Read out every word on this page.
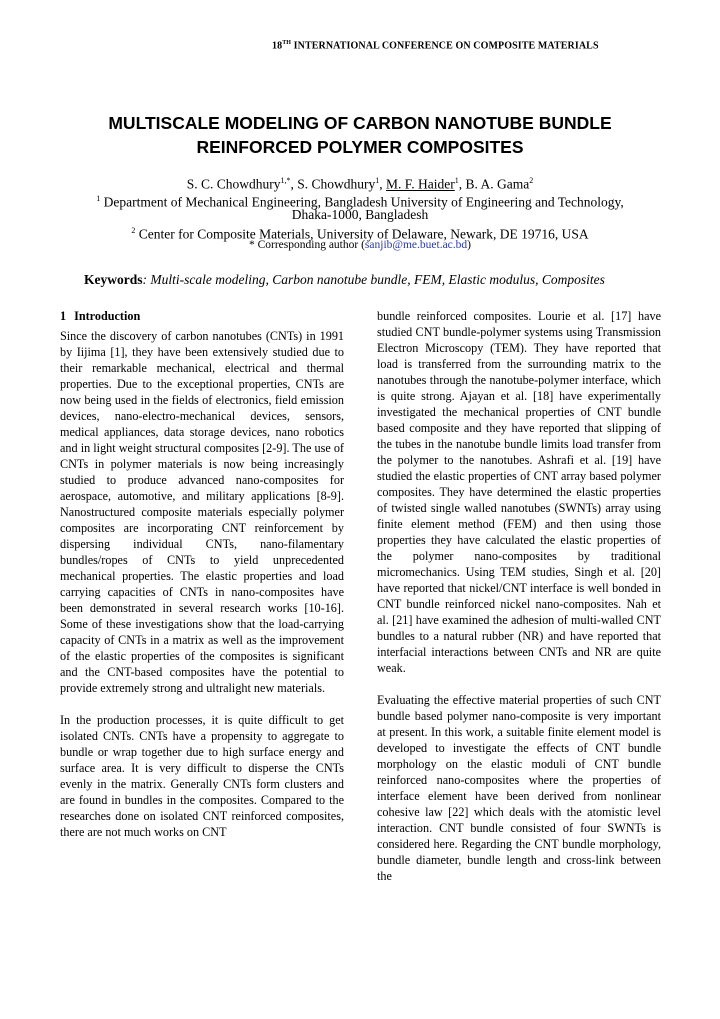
18TH INTERNATIONAL CONFERENCE ON COMPOSITE MATERIALS
MULTISCALE MODELING OF CARBON NANOTUBE BUNDLE
REINFORCED POLYMER COMPOSITES
S. C. Chowdhury$^{1,*}$, S. Chowdhury$^1$, M. F. Haider$^1$, B. A. Gama$^2$
$^1$ Department of Mechanical Engineering, Bangladesh University of Engineering and Technology,
Dhaka-1000, Bangladesh
$^2$ Center for Composite Materials, University of Delaware, Newark, DE 19716, USA
* Corresponding author (sanjib@me.buet.ac.bd)
Keywords: Multi-scale modeling, Carbon nanotube bundle, FEM, Elastic modulus, Composites
1 Introduction

Since the discovery of carbon nanotubes (CNTs) in 1991 by Iijima [1], they have been extensively studied due to their remarkable mechanical, electrical and thermal properties. Due to the exceptional properties, CNTs are now being used in the fields of electronics, field emission devices, nano-electro-mechanical devices, sensors, medical appliances, data storage devices, nano robotics and in light weight structural composites [2-9]. The use of CNTs in polymer materials is now being increasingly studied to produce advanced nano-composites for aerospace, automotive, and military applications [8-9]. Nanostructured composite materials especially polymer composites are incorporating CNT reinforcement by dispersing individual CNTs, nano-filamentary bundles/ropes of CNTs to yield unprecedented mechanical properties. The elastic properties and load carrying capacities of CNTs in nano-composites have been demonstrated in several research works [10-16]. Some of these investigations show that the load-carrying capacity of CNTs in a matrix as well as the improvement of the elastic properties of the composites is significant and the CNT-based composites have the potential to provide extremely strong and ultralight new materials.

In the production processes, it is quite difficult to get isolated CNTs. CNTs have a propensity to aggregate to bundle or wrap together due to high surface energy and surface area. It is very difficult to disperse the CNTs evenly in the matrix. Generally CNTs form clusters and are found in bundles in the composites. Compared to the researches done on isolated CNT reinforced composites, there are not much works on CNT

bundle reinforced composites. Lourie et al. [17] have studied CNT bundle-polymer systems using Transmission Electron Microscopy (TEM). They have reported that load is transferred from the surrounding matrix to the nanotubes through the nanotube-polymer interface, which is quite strong. Ajayan et al. [18] have experimentally investigated the mechanical properties of CNT bundle based composite and they have reported that slipping of the tubes in the nanotube bundle limits load transfer from the polymer to the nanotubes. Ashrafi et al. [19] have studied the elastic properties of CNT array based polymer composites. They have determined the elastic properties of twisted single walled nanotubes (SWNTs) array using finite element method (FEM) and then using those properties they have calculated the elastic properties of the polymer nano-composites by traditional micromechanics. Using TEM studies, Singh et al. [20] have reported that nickel/CNT interface is well bonded in CNT bundle reinforced nickel nano-composites. Nah et al. [21] have examined the adhesion of multi-walled CNT bundles to a natural rubber (NR) and have reported that interfacial interactions between CNTs and NR are quite weak.

Evaluating the effective material properties of such CNT bundle based polymer nano-composite is very important at present. In this work, a suitable finite element model is developed to investigate the effects of CNT bundle morphology on the elastic moduli of CNT bundle reinforced nano-composites where the properties of interface element have been derived from nonlinear cohesive law [22] which deals with the atomistic level interaction. CNT bundle consisted of four SWNTs is considered here. Regarding the CNT bundle morphology, bundle diameter, bundle length and cross-link between the
